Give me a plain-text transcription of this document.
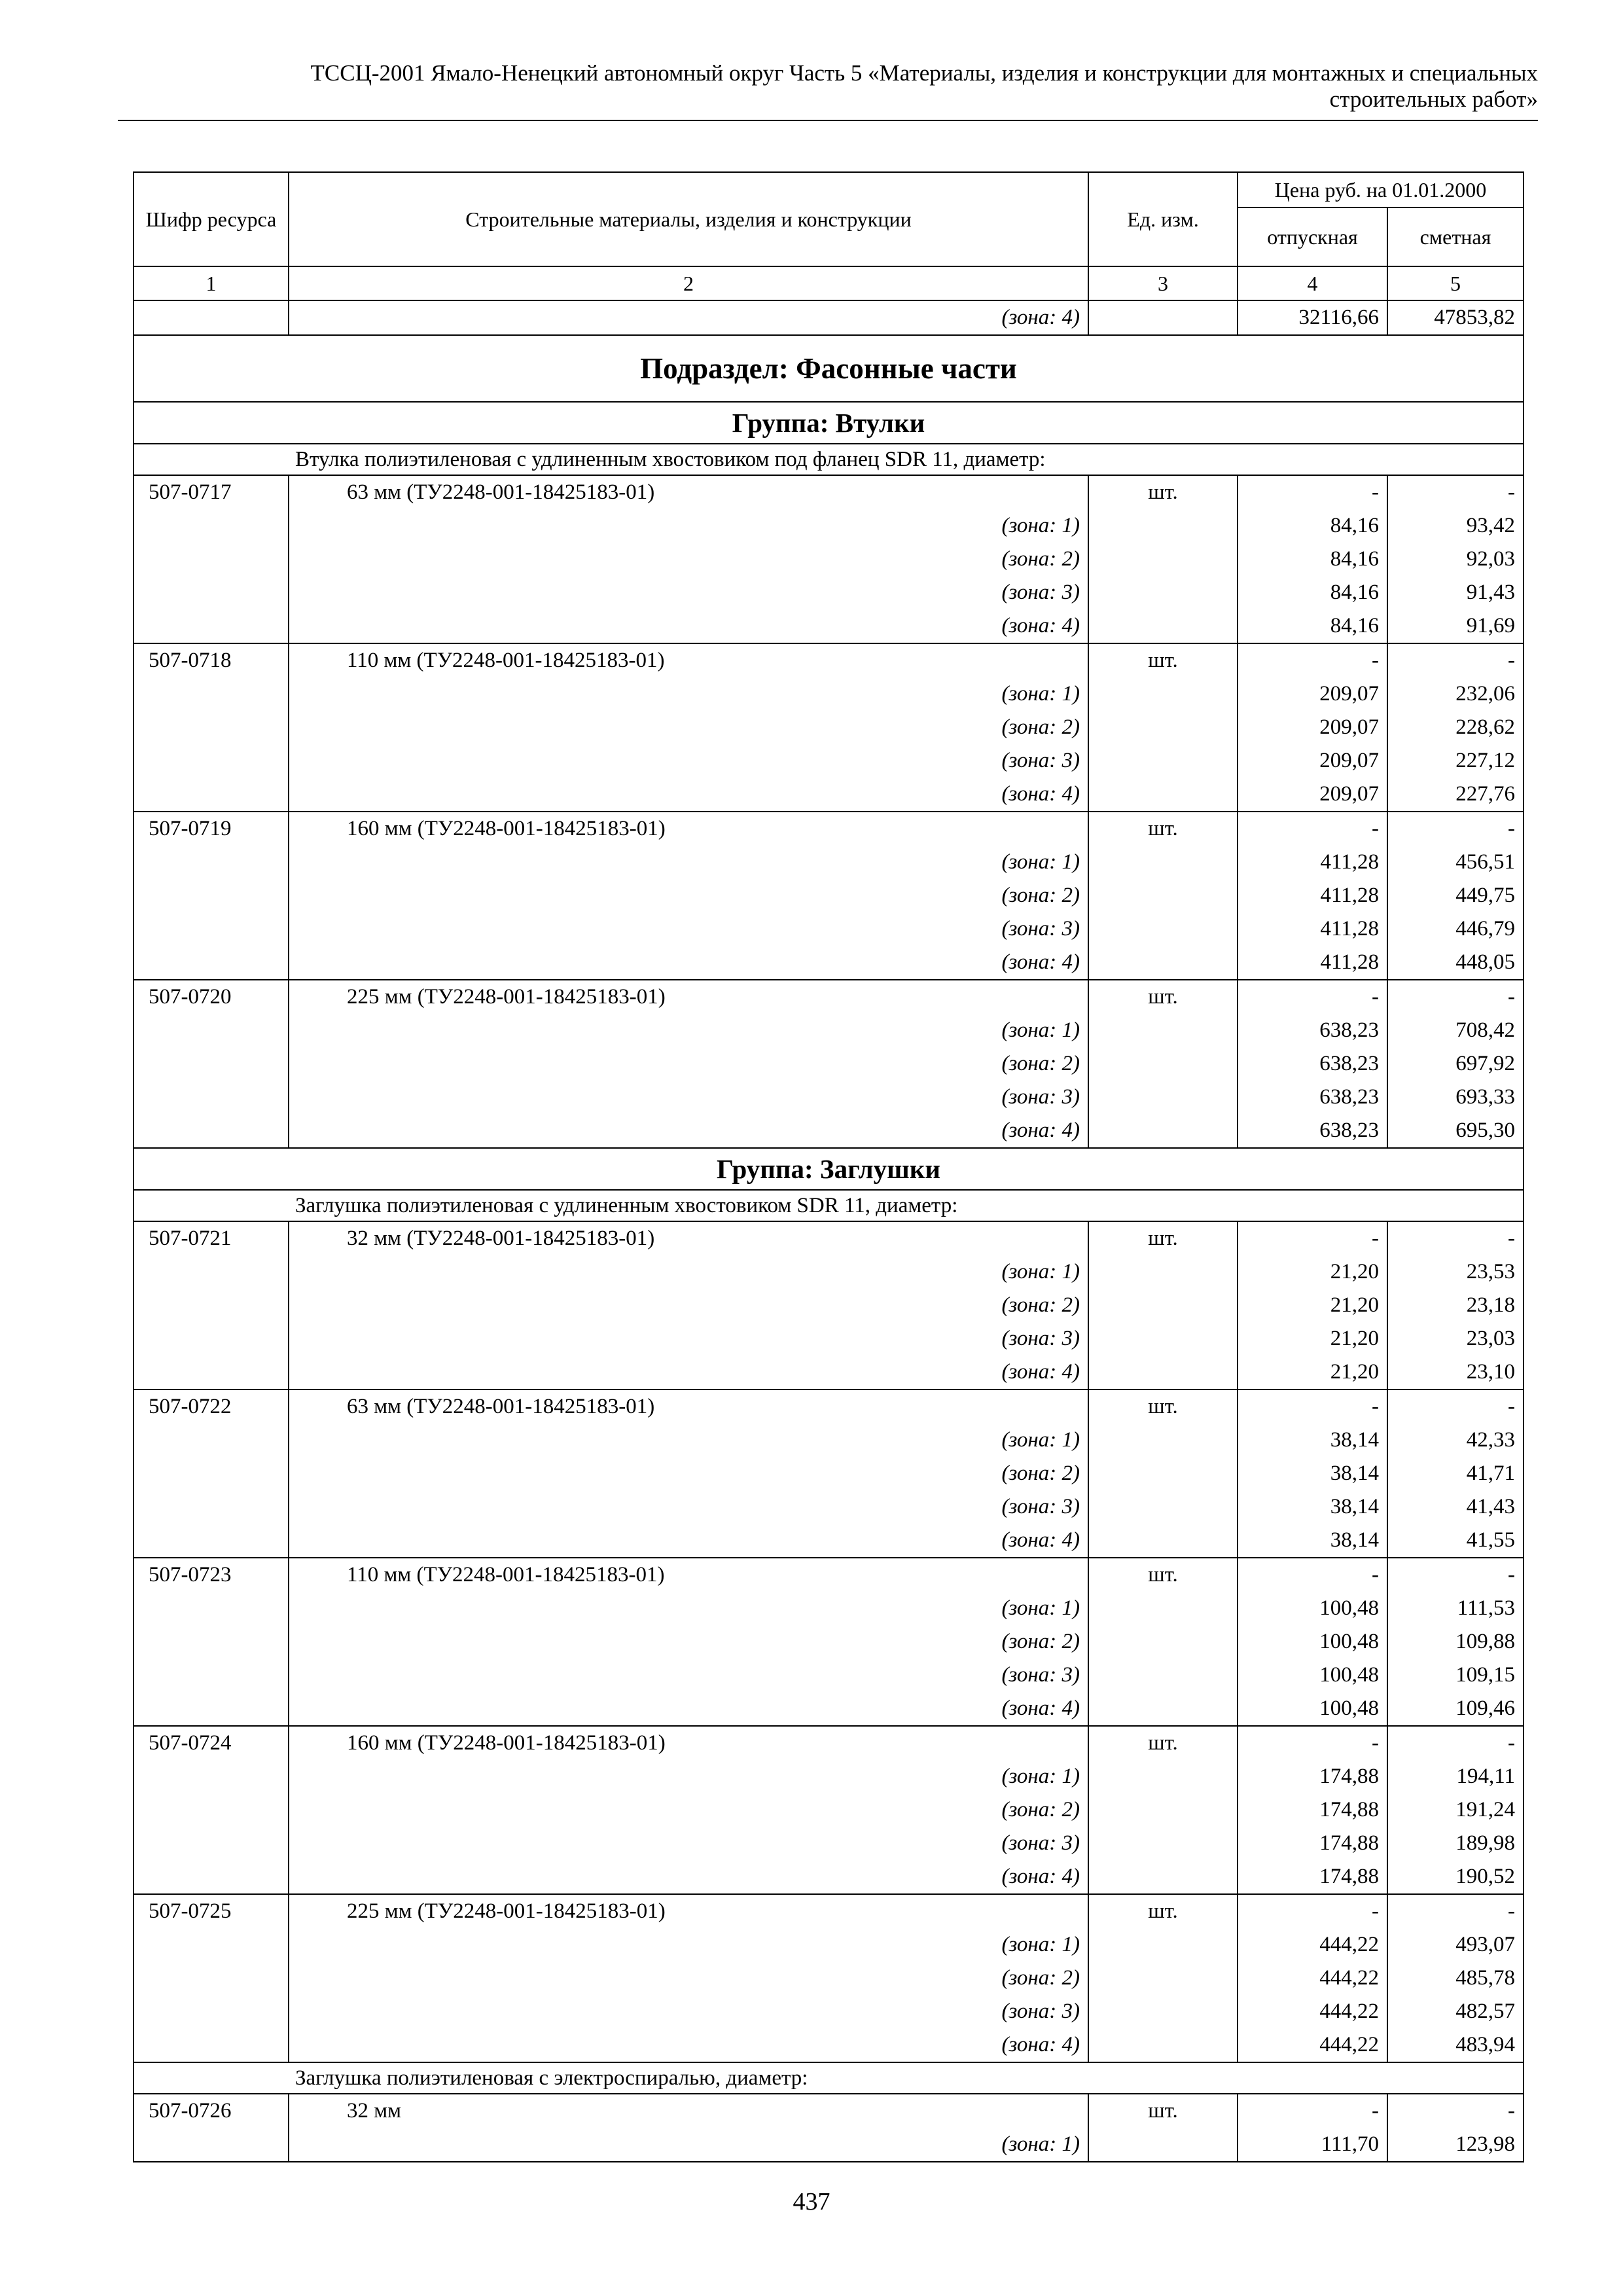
ТССЦ-2001 Ямало-Ненецкий автономный округ Часть 5 «Материалы, изделия и конструкции для монтажных и специальных
строительных работ»
Шифр ресурса	Строительные материалы, изделия и конструкции	Ед. изм.	Цена руб. на 01.01.2000	
			отпускная	сметная
1	2	3	4	5
	(зона: 4)		32116,66	47853,82
Подраздел: Фасонные части				
Группа: Втулки				
Втулка полиэтиленовая с удлиненным хвостовиком под фланец SDR 11, диаметр:				
507-0717	63 мм (ТУ2248-001-18425183-01)	шт.	-	-
	(зона: 1)		84,16	93,42
	(зона: 2)		84,16	92,03
	(зона: 3)		84,16	91,43
	(зона: 4)		84,16	91,69
507-0718	110 мм (ТУ2248-001-18425183-01)	шт.	-	-
	(зона: 1)		209,07	232,06
	(зона: 2)		209,07	228,62
	(зона: 3)		209,07	227,12
	(зона: 4)		209,07	227,76
507-0719	160 мм (ТУ2248-001-18425183-01)	шт.	-	-
	(зона: 1)		411,28	456,51
	(зона: 2)		411,28	449,75
	(зона: 3)		411,28	446,79
	(зона: 4)		411,28	448,05
507-0720	225 мм (ТУ2248-001-18425183-01)	шт.	-	-
	(зона: 1)		638,23	708,42
	(зона: 2)		638,23	697,92
	(зона: 3)		638,23	693,33
	(зона: 4)		638,23	695,30
Группа: Заглушки				
Заглушка полиэтиленовая с удлиненным хвостовиком SDR 11, диаметр:				
507-0721	32 мм (ТУ2248-001-18425183-01)	шт.	-	-
	(зона: 1)		21,20	23,53
	(зона: 2)		21,20	23,18
	(зона: 3)		21,20	23,03
	(зона: 4)		21,20	23,10
507-0722	63 мм (ТУ2248-001-18425183-01)	шт.	-	-
	(зона: 1)		38,14	42,33
	(зона: 2)		38,14	41,71
	(зона: 3)		38,14	41,43
	(зона: 4)		38,14	41,55
507-0723	110 мм (ТУ2248-001-18425183-01)	шт.	-	-
	(зона: 1)		100,48	111,53
	(зона: 2)		100,48	109,88
	(зона: 3)		100,48	109,15
	(зона: 4)		100,48	109,46
507-0724	160 мм (ТУ2248-001-18425183-01)	шт.	-	-
	(зона: 1)		174,88	194,11
	(зона: 2)		174,88	191,24
	(зона: 3)		174,88	189,98
	(зона: 4)		174,88	190,52
507-0725	225 мм (ТУ2248-001-18425183-01)	шт.	-	-
	(зона: 1)		444,22	493,07
	(зона: 2)		444,22	485,78
	(зона: 3)		444,22	482,57
	(зона: 4)		444,22	483,94
Заглушка полиэтиленовая с электроспиралью, диаметр:				
507-0726	32 мм	шт.	-	-
	(зона: 1)		111,70	123,98
437
